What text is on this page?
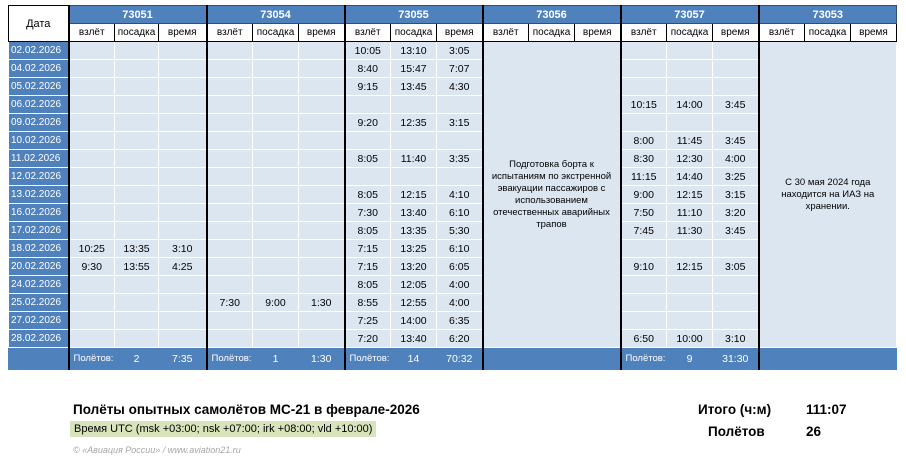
Дата	73051			73054			73055			73056			73057			73053		
	взлёт	посадка	время	взлёт	посадка	время	взлёт	посадка	время	взлёт	посадка	время	взлёт	посадка	время	взлёт	посадка	время
02.02.2026							10:05	13:10	3:05	Подготовка борта к испытаниям по экстренной эвакуации пассажиров с использованием отечественных аварийных трапов						С 30 мая 2024 года находится на ИАЗ на хранении.		
04.02.2026							8:40	15:47	7:07									
05.02.2026							9:15	13:45	4:30									
06.02.2026													10:15	14:00	3:45			
09.02.2026							9:20	12:35	3:15									
10.02.2026													8:00	11:45	3:45			
11.02.2026							8:05	11:40	3:35				8:30	12:30	4:00			
12.02.2026													11:15	14:40	3:25			
13.02.2026							8:05	12:15	4:10				9:00	12:15	3:15			
16.02.2026							7:30	13:40	6:10				7:50	11:10	3:20			
17.02.2026							8:05	13:35	5:30				7:45	11:30	3:45			
18.02.2026	10:25	13:35	3:10				7:15	13:25	6:10									
20.02.2026	9:30	13:55	4:25				7:15	13:20	6:05				9:10	12:15	3:05			
24.02.2026							8:05	12:05	4:00									
25.02.2026				7:30	9:00	1:30	8:55	12:55	4:00									
27.02.2026							7:25	14:00	6:35									
28.02.2026							7:20	13:40	6:20				6:50	10:00	3:10			
	Полётов:	2	7:35	Полётов:	1	1:30	Полётов:	14	70:32				Полётов:	9	31:30			
Полёты опытных самолётов МС-21 в феврале-2026
Время UTC (msk +03:00; nsk +07:00; irk +08:00; vld +10:00)
© «Авиация России» / www.aviation21.ru
Итого (ч:м)	111:07
Полётов	26
